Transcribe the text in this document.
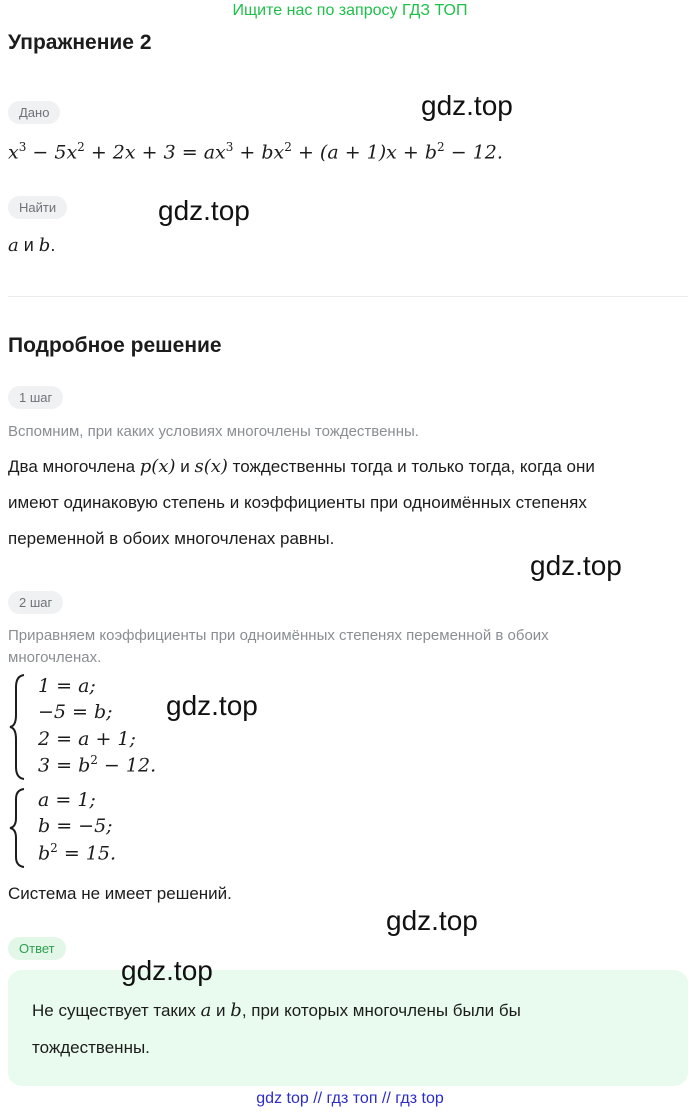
Ищите нас по запросу ГДЗ ТОП
Упражнение 2
Дано
$x^3 - 5x^2 + 2x + 3 = ax^3 + bx^2 + (a + 1)x + b^2 - 12$.
Найти
a и b.
Подробное решение
1 шаг
Вспомним, при каких условиях многочлены тождественны.
Два многочлена p(x) и s(x) тождественны тогда и только тогда, когда они
имеют одинаковую степень и коэффициенты при одноимённых степенях
переменной в обоих многочленах равны.
2 шаг
Приравняем коэффициенты при одноимённых степенях переменной в обоих многочленах.
1 = a;
−5 = b;
2 = a + 1;
$3 = b^2 - 12$.
a = 1;
b = −5;
$b^2 = 15$.
Система не имеет решений.
Ответ
Не существует таких a и b, при которых многочлены были бы
тождественны.
gdz.top
gdz.top
gdz.top
gdz.top
gdz.top
gdz.top
gdz top // гдз топ // гдз top
